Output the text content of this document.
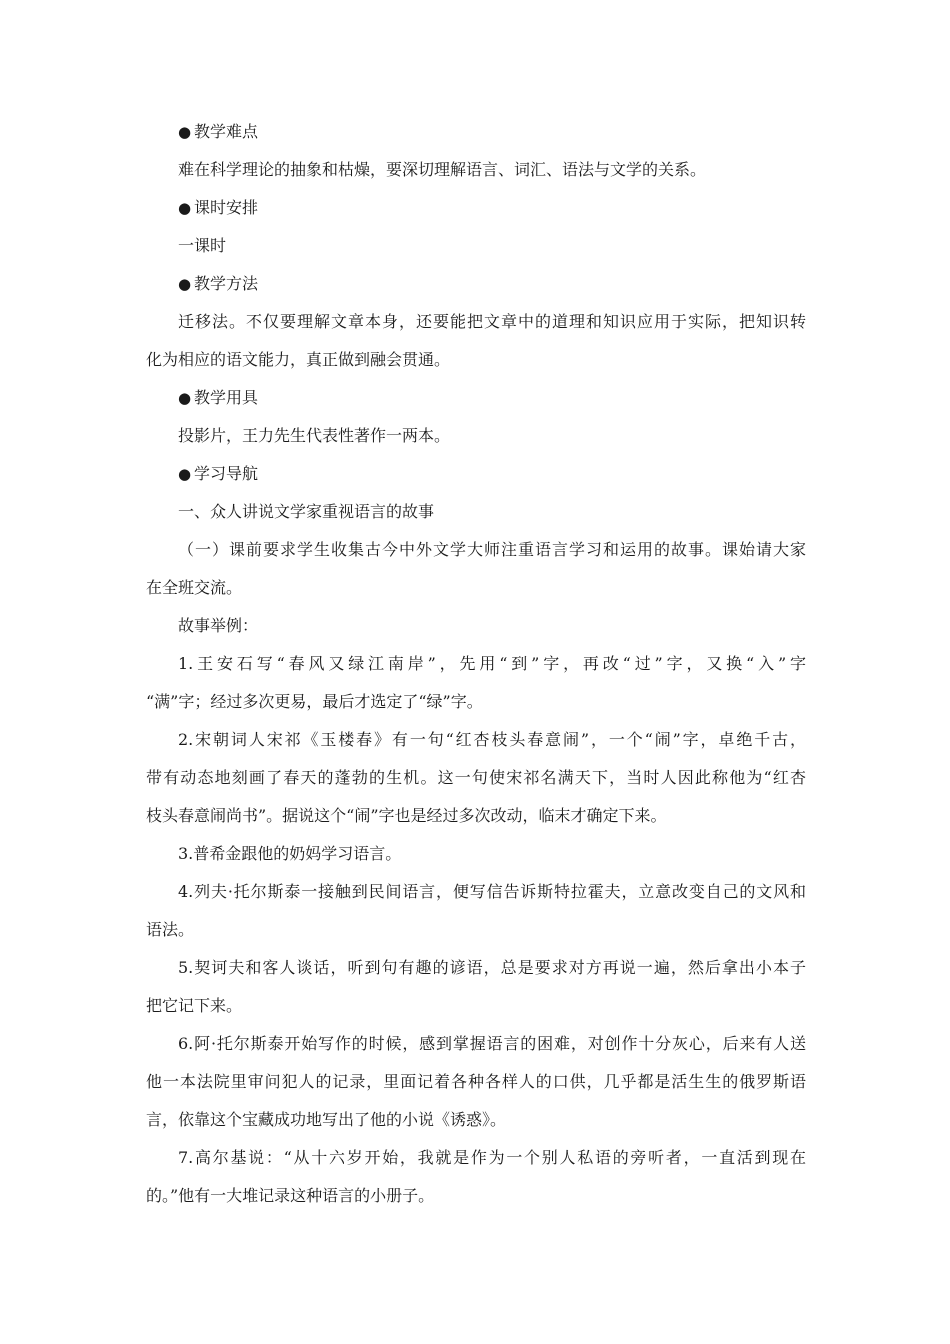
● 教学难点
难在科学理论的抽象和枯燥，要深切理解语言、词汇、语法与文学的关系。
● 课时安排
一课时
● 教学方法
迁移法。不仅要理解文章本身，还要能把文章中的道理和知识应用于实际，把知识转
化为相应的语文能力，真正做到融会贯通。
● 教学用具
投影片，王力先生代表性著作一两本。
● 学习导航
一、众人讲说文学家重视语言的故事
（一）课前要求学生收集古今中外文学大师注重语言学习和运用的故事。课始请大家
在全班交流。
故事举例：
1.王安石写“春风又绿江南岸”，先用“到”字，再改“过”字，又换“入”字
“满”字；经过多次更易，最后才选定了“绿”字。
2.宋朝词人宋祁《玉楼春》有一句“红杏枝头春意闹”，一个“闹”字，卓绝千古，
带有动态地刻画了春天的蓬勃的生机。这一句使宋祁名满天下，当时人因此称他为“红杏
枝头春意闹尚书”。据说这个“闹”字也是经过多次改动，临末才确定下来。
3.普希金跟他的奶妈学习语言。
4.列夫·托尔斯泰一接触到民间语言，便写信告诉斯特拉霍夫，立意改变自己的文风和
语法。
5.契诃夫和客人谈话，听到句有趣的谚语，总是要求对方再说一遍，然后拿出小本子
把它记下来。
6.阿·托尔斯泰开始写作的时候，感到掌握语言的困难，对创作十分灰心，后来有人送
他一本法院里审问犯人的记录，里面记着各种各样人的口供，几乎都是活生生的俄罗斯语
言，依靠这个宝藏成功地写出了他的小说《诱惑》。
7.高尔基说：“从十六岁开始，我就是作为一个别人私语的旁听者，一直活到现在
的。”他有一大堆记录这种语言的小册子。
